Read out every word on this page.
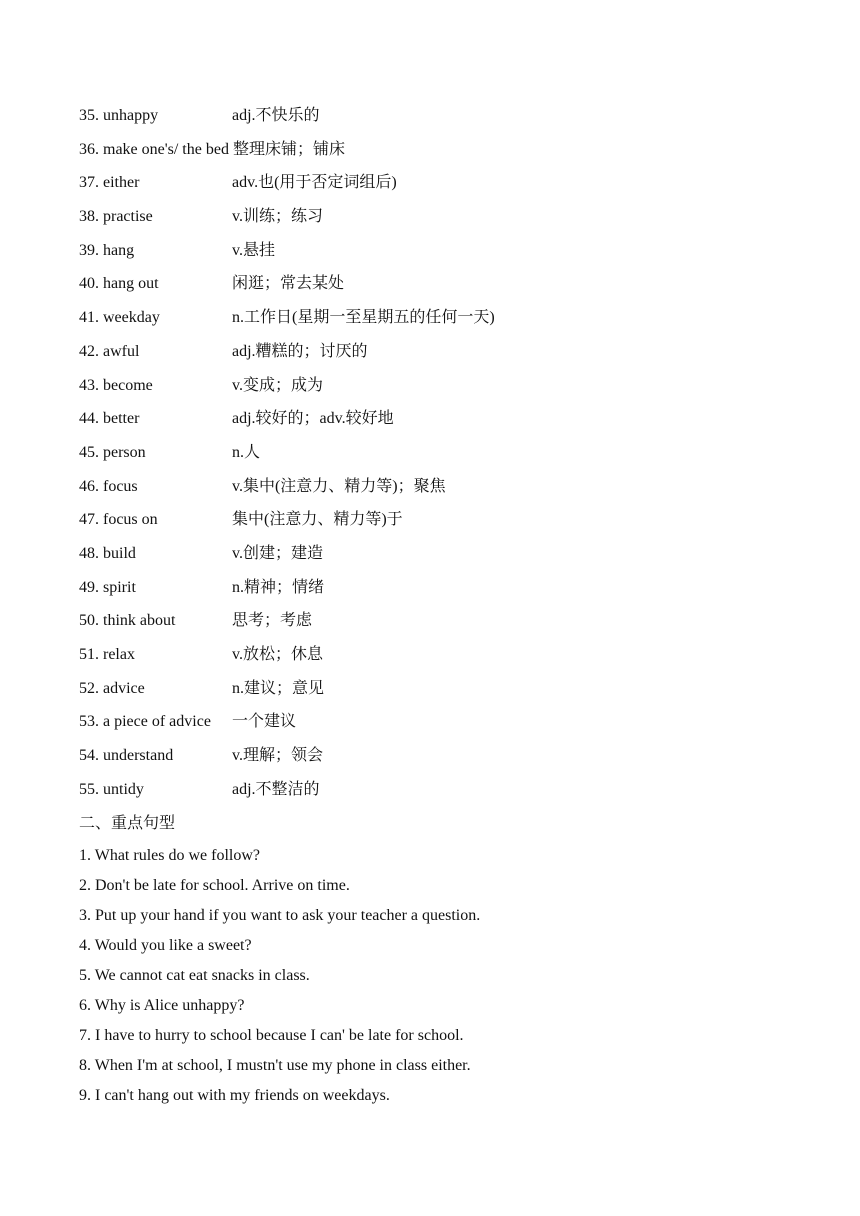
35. unhappy	adj.不快乐的
36. make one's/ the bed 整理床铺；铺床
37. either	adv.也(用于否定词组后)
38. practise	v.训练；练习
39. hang	v.悬挂
40. hang out	闲逛；常去某处
41. weekday	n.工作日(星期一至星期五的任何一天)
42. awful	adj.糟糕的；讨厌的
43. become	v.变成；成为
44. better	adj.较好的；adv.较好地
45. person	n.人
46. focus	v.集中(注意力、精力等)；聚焦
47. focus on	集中(注意力、精力等)于
48. build	v.创建；建造
49. spirit	n.精神；情绪
50. think about	思考；考虑
51. relax	v.放松；休息
52. advice	n.建议；意见
53. a piece of advice 一个建议
54. understand	v.理解；领会
55. untidy	adj.不整洁的
二、重点句型
1. What rules do we follow?
2. Don't be late for school. Arrive on time.
3. Put up your hand if you want to ask your teacher a question.
4. Would you like a sweet?
5. We cannot cat eat snacks in class.
6. Why is Alice unhappy?
7. I have to hurry to school because I can' be late for school.
8. When I'm at school, I mustn't use my phone in class either.
9. I can't hang out with my friends on weekdays.
